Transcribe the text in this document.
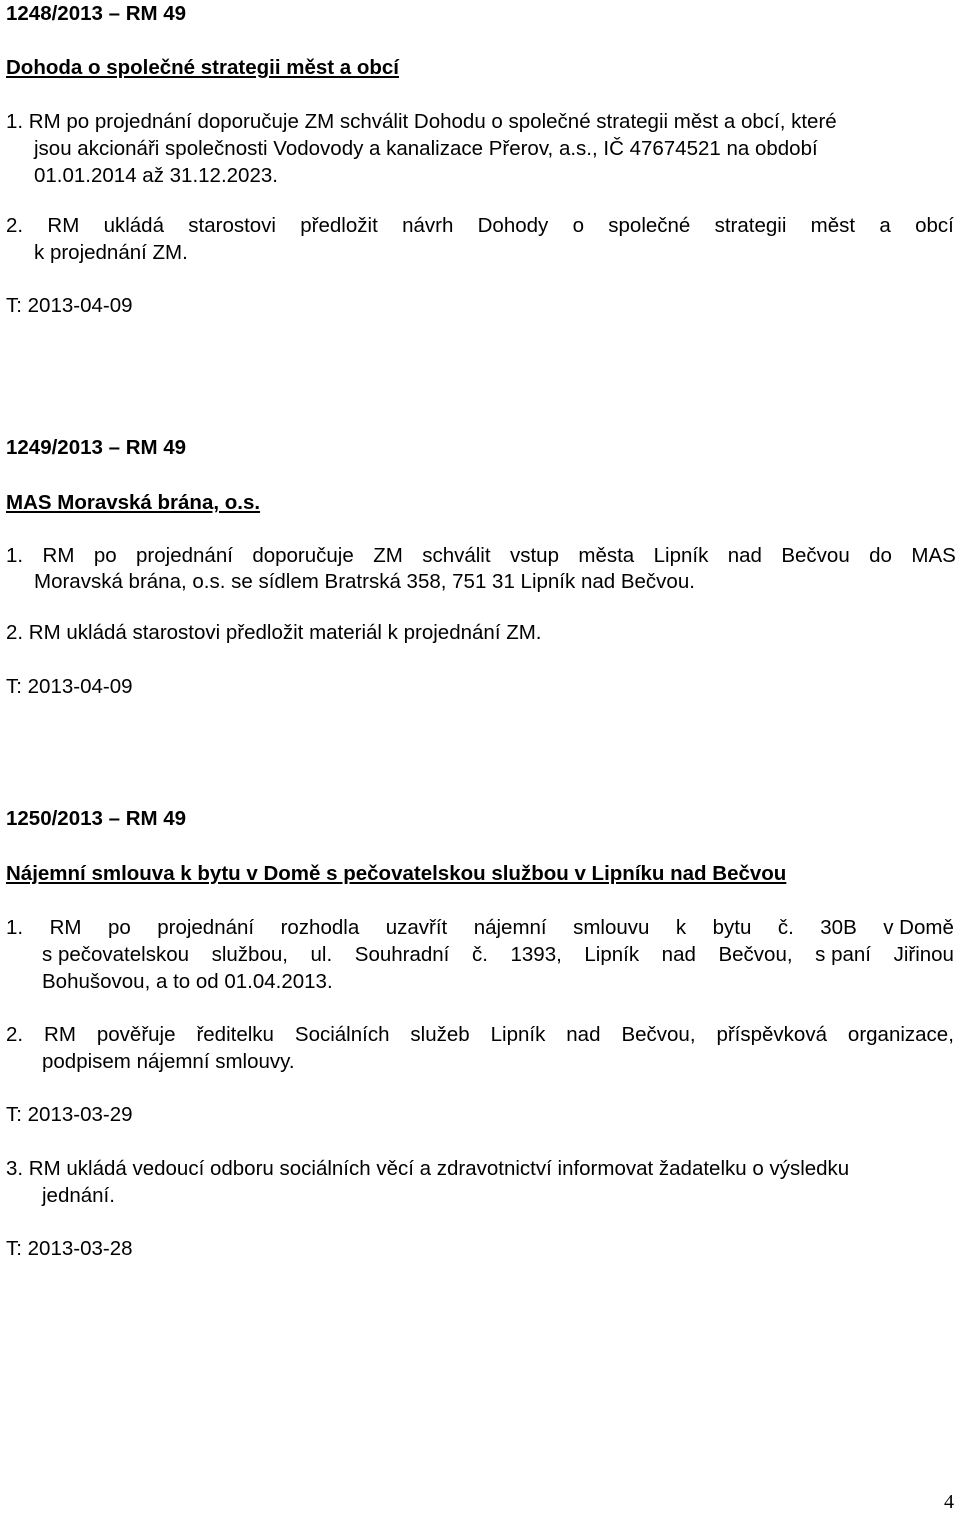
1248/2013 – RM 49
Dohoda o společné strategii měst a obcí
1. RM po projednání doporučuje ZM schválit Dohodu o společné strategii měst a obcí, které
jsou akcionáři společnosti Vodovody a kanalizace Přerov, a.s., IČ 47674521 na období
01.01.2014 až 31.12.2023.
2. RM ukládá starostovi předložit návrh Dohody o společné strategii měst a obcí
k projednání ZM.
T: 2013-04-09
1249/2013 – RM 49
MAS Moravská brána, o.s.
1. RM po projednání doporučuje ZM schválit vstup města Lipník nad Bečvou do MAS
Moravská brána, o.s. se sídlem Bratrská 358, 751 31 Lipník nad Bečvou.
2. RM ukládá starostovi předložit materiál k projednání ZM.
T: 2013-04-09
1250/2013 – RM 49
Nájemní smlouva k bytu v Domě s pečovatelskou službou v Lipníku nad Bečvou
1. RM po projednání rozhodla uzavřít nájemní smlouvu k bytu č. 30B v Domě
s pečovatelskou službou, ul. Souhradní č. 1393, Lipník nad Bečvou, s paní Jiřinou
Bohušovou, a to od 01.04.2013.
2. RM pověřuje ředitelku Sociálních služeb Lipník nad Bečvou, příspěvková organizace,
podpisem nájemní smlouvy.
T: 2013-03-29
3. RM ukládá vedoucí odboru sociálních věcí a zdravotnictví informovat žadatelku o výsledku
jednání.
T: 2013-03-28
4
